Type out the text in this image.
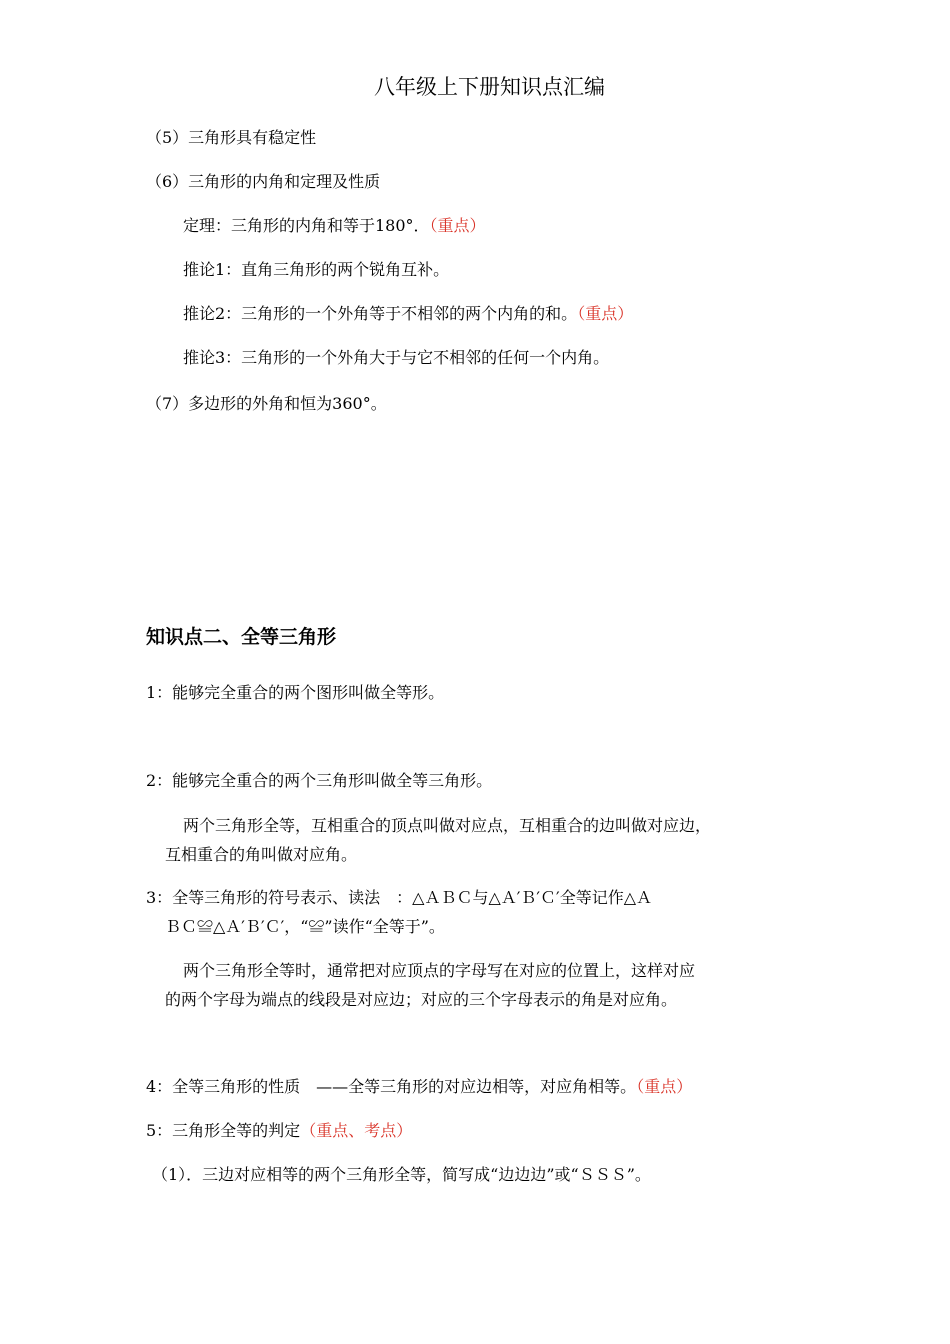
八年级上下册知识点汇编
（5）三角形具有稳定性
（6）三角形的内角和定理及性质
定理：三角形的内角和等于180°．（重点）
推论1：直角三角形的两个锐角互补。
推论2：三角形的一个外角等于不相邻的两个内角的和。（重点）
推论3：三角形的一个外角大于与它不相邻的任何一个内角。
（7）多边形的外角和恒为360°。
知识点二、全等三角形
1：能够完全重合的两个图形叫做全等形。
2：能够完全重合的两个三角形叫做全等三角形。
两个三角形全等，互相重合的顶点叫做对应点，互相重合的边叫做对应边，
互相重合的角叫做对应角。
3：全等三角形的符号表示、读法　：△ＡＢＣ与△Ａ′Ｂ′Ｃ′全等记作△Ａ
ＢＣ≌△Ａ′Ｂ′Ｃ′，“≌”读作“全等于”。
两个三角形全等时，通常把对应顶点的字母写在对应的位置上，这样对应
的两个字母为端点的线段是对应边；对应的三个字母表示的角是对应角。
4：全等三角形的性质　——全等三角形的对应边相等，对应角相等。（重点）
5：三角形全等的判定（重点、考点）
（1）．三边对应相等的两个三角形全等，简写成“边边边”或“ＳＳＳ”。
